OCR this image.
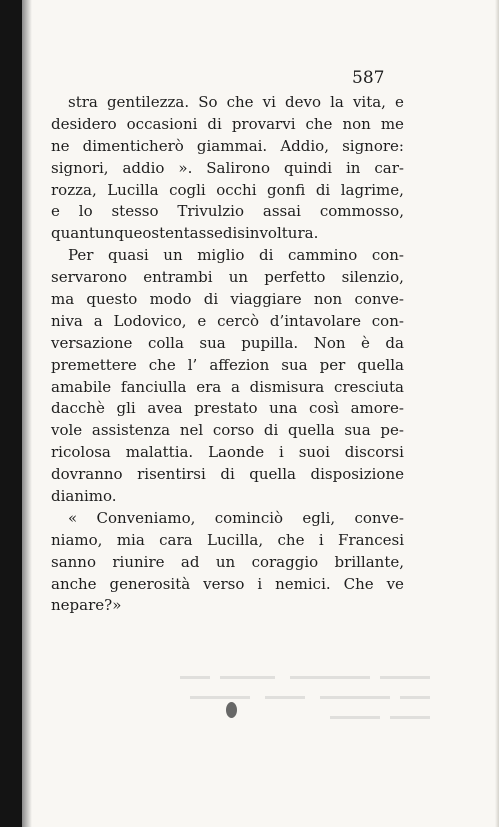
587

stra gentilezza. So che vi devo la vita, e
desidero occasioni di provarvi che non me
ne dimenticherò giammai. Addio, signore:
signori, addio ». Salirono quindi in car-
rozza, Lucilla cogli occhi gonfi di lagrime,
e lo stesso Trivulzio assai commosso,
quantunque ostentasse disinvoltura.
Per quasi un miglio di cammino con-
servarono entrambi un perfetto silenzio,
ma questo modo di viaggiare non conve-
niva a Lodovico, e cercò d’intavolare con-
versazione colla sua pupilla. Non è da
premettere che l’ affezion sua per quella
amabile fanciulla era a dismisura cresciuta
dacchè gli avea prestato una così amore-
vole assistenza nel corso di quella sua pe-
ricolosa malattia. Laonde i suoi discorsi
dovranno risentirsi di quella disposizione
di animo.
« Conveniamo, cominciò egli, conve-
niamo, mia cara Lucilla, che i Francesi
sanno riunire ad un coraggio brillante,
anche generosità verso i nemici. Che ve
ne pare ? »
